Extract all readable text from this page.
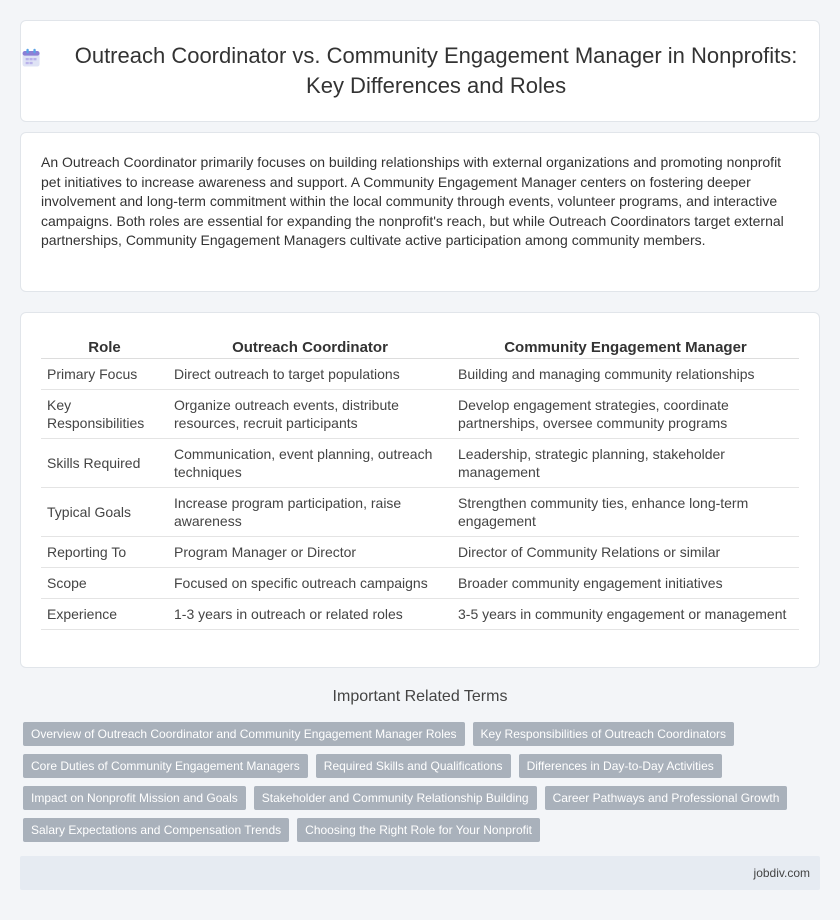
Outreach Coordinator vs. Community Engagement Manager in Nonprofits: Key Differences and Roles
An Outreach Coordinator primarily focuses on building relationships with external organizations and promoting nonprofit pet initiatives to increase awareness and support. A Community Engagement Manager centers on fostering deeper involvement and long-term commitment within the local community through events, volunteer programs, and interactive campaigns. Both roles are essential for expanding the nonprofit's reach, but while Outreach Coordinators target external partnerships, Community Engagement Managers cultivate active participation among community members.
Role	Outreach Coordinator	Community Engagement Manager
Primary Focus	Direct outreach to target populations	Building and managing community relationships
Key Responsibilities	Organize outreach events, distribute resources, recruit participants	Develop engagement strategies, coordinate partnerships, oversee community programs
Skills Required	Communication, event planning, outreach techniques	Leadership, strategic planning, stakeholder management
Typical Goals	Increase program participation, raise awareness	Strengthen community ties, enhance long-term engagement
Reporting To	Program Manager or Director	Director of Community Relations or similar
Scope	Focused on specific outreach campaigns	Broader community engagement initiatives
Experience	1-3 years in outreach or related roles	3-5 years in community engagement or management
Important Related Terms
Overview of Outreach Coordinator and Community Engagement Manager Roles	Key Responsibilities of Outreach Coordinators
Core Duties of Community Engagement Managers	Required Skills and Qualifications	Differences in Day-to-Day Activities
Impact on Nonprofit Mission and Goals	Stakeholder and Community Relationship Building	Career Pathways and Professional Growth
Salary Expectations and Compensation Trends	Choosing the Right Role for Your Nonprofit
jobdiv.com
